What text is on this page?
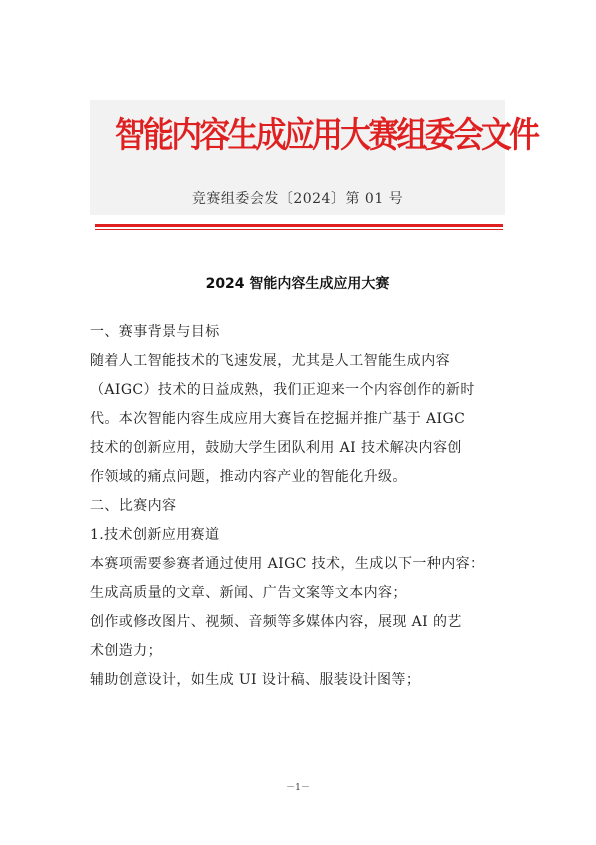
智能内容生成应用大赛组委会文件
竞赛组委会发〔2024〕第 01 号
2024 智能内容生成应用大赛

一、赛事背景与目标

随着人工智能技术的飞速发展，尤其是人工智能生成内容

（AIGC）技术的日益成熟，我们正迎来一个内容创作的新时

代。本次智能内容生成应用大赛旨在挖掘并推广基于 AIGC

技术的创新应用，鼓励大学生团队利用 AI 技术解决内容创

作领域的痛点问题，推动内容产业的智能化升级。

二、比赛内容

1.技术创新应用赛道

本赛项需要参赛者通过使用 AIGC 技术，生成以下一种内容：

生成高质量的文章、新闻、广告文案等文本内容；

创作或修改图片、视频、音频等多媒体内容，展现 AI 的艺

术创造力；

辅助创意设计，如生成 UI 设计稿、服装设计图等；

－1－
